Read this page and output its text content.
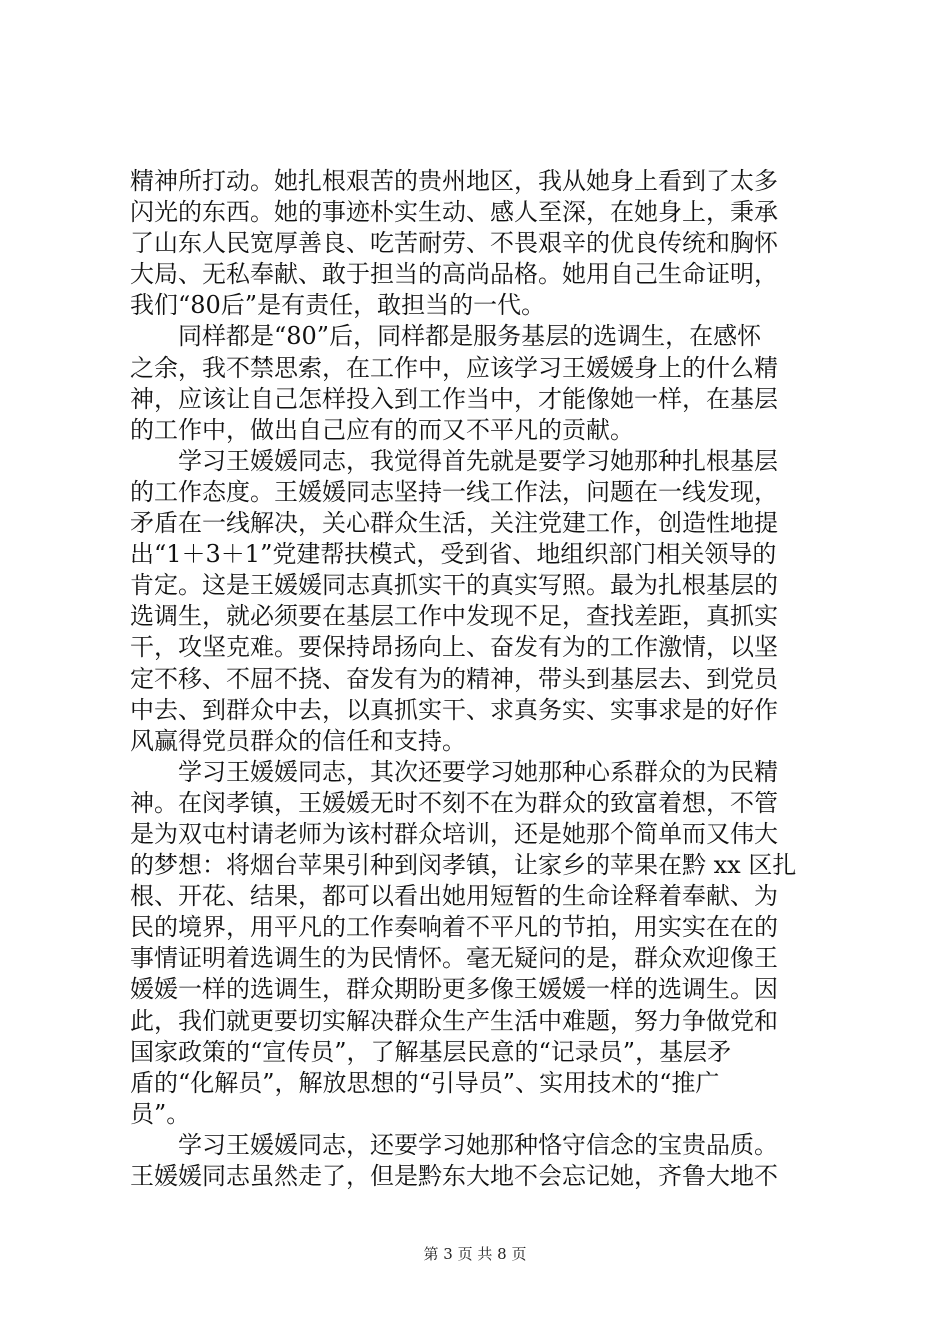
精神所打动。她扎根艰苦的贵州地区，我从她身上看到了太多
闪光的东西。她的事迹朴实生动、感人至深，在她身上，秉承
了山东人民宽厚善良、吃苦耐劳、不畏艰辛的优良传统和胸怀
大局、无私奉献、敢于担当的高尚品格。她用自己生命证明，
我们“80后”是有责任，敢担当的一代。
　　同样都是“80”后，同样都是服务基层的选调生，在感怀
之余，我不禁思索，在工作中，应该学习王媛媛身上的什么精
神，应该让自己怎样投入到工作当中，才能像她一样，在基层
的工作中，做出自己应有的而又不平凡的贡献。
　　学习王媛媛同志，我觉得首先就是要学习她那种扎根基层
的工作态度。王媛媛同志坚持一线工作法，问题在一线发现，
矛盾在一线解决，关心群众生活，关注党建工作，创造性地提
出“1＋3＋1”党建帮扶模式，受到省、地组织部门相关领导的
肯定。这是王媛媛同志真抓实干的真实写照。最为扎根基层的
选调生，就必须要在基层工作中发现不足，查找差距，真抓实
干，攻坚克难。要保持昂扬向上、奋发有为的工作激情，以坚
定不移、不屈不挠、奋发有为的精神，带头到基层去、到党员
中去、到群众中去，以真抓实干、求真务实、实事求是的好作
风赢得党员群众的信任和支持。
　　学习王媛媛同志，其次还要学习她那种心系群众的为民精
神。在闵孝镇，王媛媛无时不刻不在为群众的致富着想，不管
是为双屯村请老师为该村群众培训，还是她那个简单而又伟大
的梦想：将烟台苹果引种到闵孝镇，让家乡的苹果在黔 xx 区扎
根、开花、结果，都可以看出她用短暂的生命诠释着奉献、为
民的境界，用平凡的工作奏响着不平凡的节拍，用实实在在的
事情证明着选调生的为民情怀。毫无疑问的是，群众欢迎像王
媛媛一样的选调生，群众期盼更多像王媛媛一样的选调生。因
此，我们就更要切实解决群众生产生活中难题，努力争做党和
国家政策的“宣传员”，了解基层民意的“记录员”，基层矛
盾的“化解员”，解放思想的“引导员”、实用技术的“推广
员”。
　　学习王媛媛同志，还要学习她那种恪守信念的宝贵品质。
王媛媛同志虽然走了，但是黔东大地不会忘记她，齐鲁大地不
第 3 页 共 8 页
